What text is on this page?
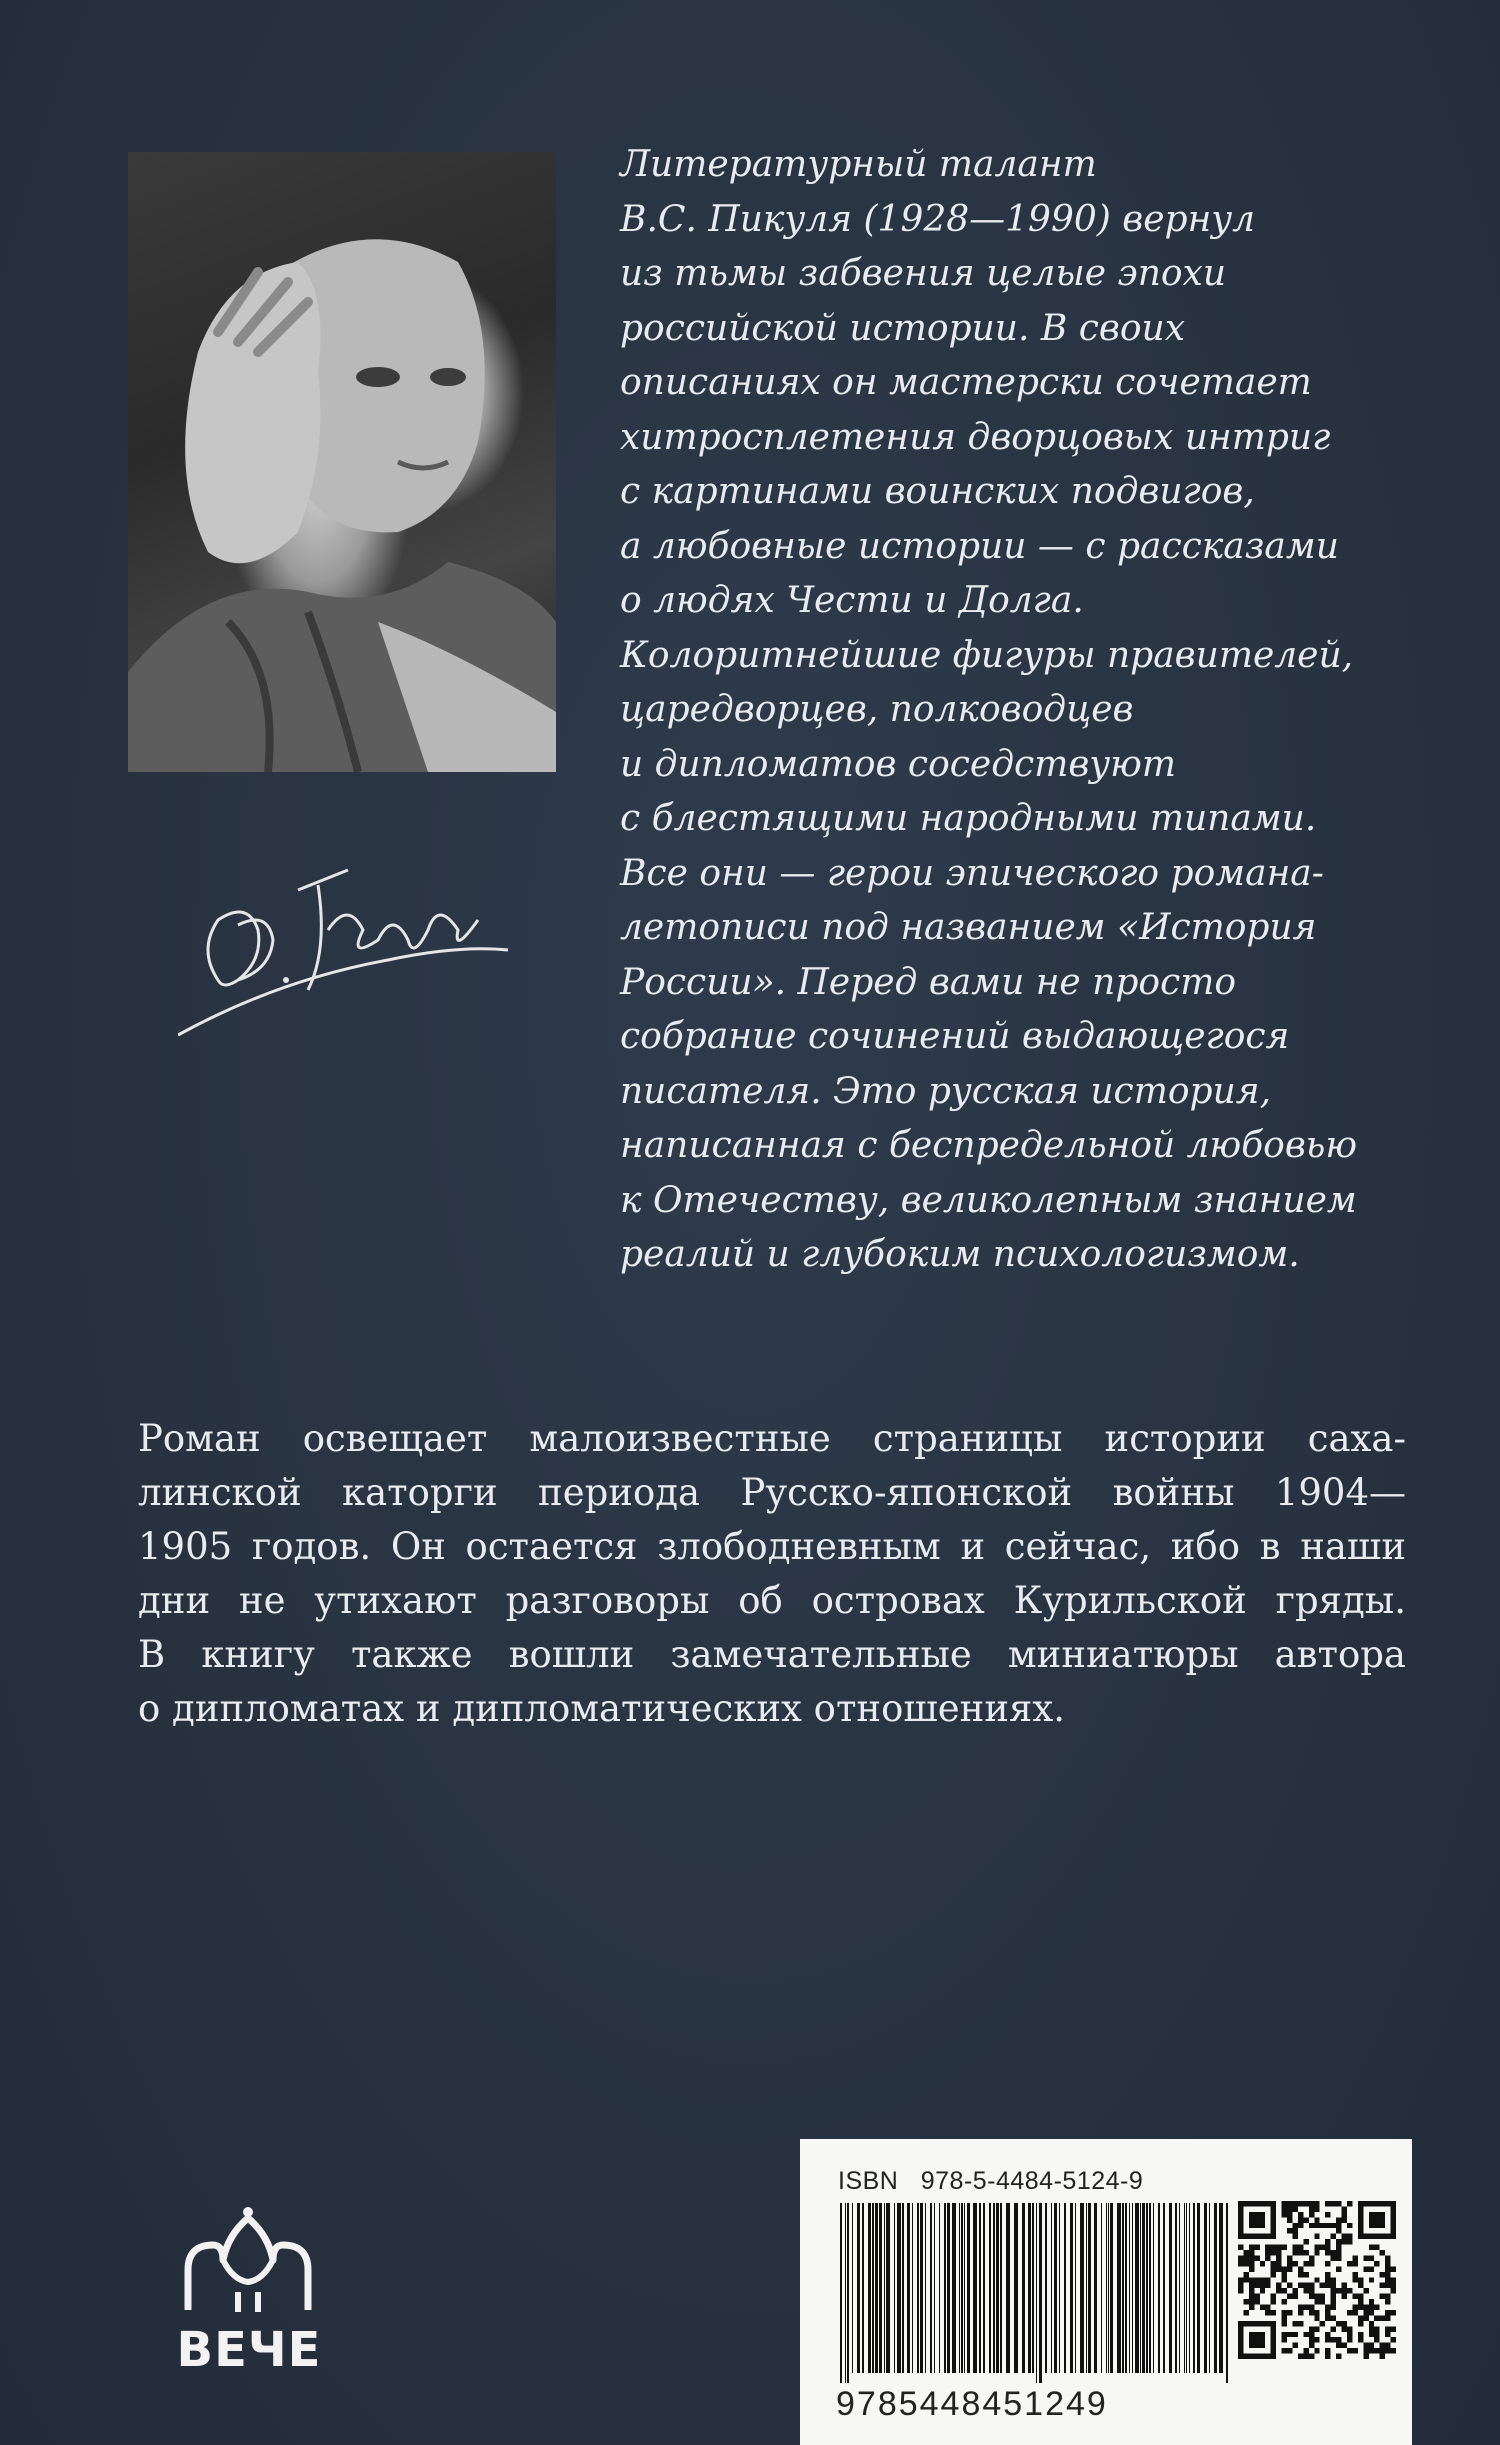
Литературный талант
В.С. Пикуля (1928—1990) вернул
из тьмы забвения целые эпохи
российской истории. В своих
описаниях он мастерски сочетает
хитросплетения дворцовых интриг
с картинами воинских подвигов,
а любовные истории — с рассказами
о людях Чести и Долга.
Колоритнейшие фигуры правителей,
царедворцев, полководцев
и дипломатов соседствуют
с блестящими народными типами.
Все они — герои эпического романа-
летописи под названием «История
России». Перед вами не просто
собрание сочинений выдающегося
писателя. Это русская история,
написанная с беспредельной любовью
к Отечеству, великолепным знанием
реалий и глубоким психологизмом.
Роман освещает малоизвестные страницы истории саха-
линской каторги периода Русско-японской войны 1904—
1905 годов. Он остается злободневным и сейчас, ибо в наши
дни не утихают разговоры об островах Курильской гряды.
В книгу также вошли замечательные миниатюры автора
о дипломатах и дипломатических отношениях.
ВЕЧЕ
ISBN 978-5-4484-5124-9
9785448451249
